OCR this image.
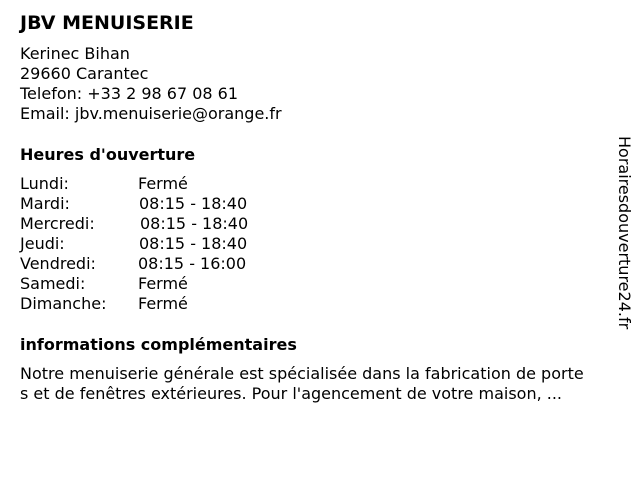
JBV MENUISERIE
Kerinec Bihan
29660 Carantec
Telefon: +33 2 98 67 08 61
Email: jbv.menuiserie@orange.fr
Heures d'ouverture
Lundi:	Fermé
Mardi:	08:15 - 18:40
Mercredi:	08:15 - 18:40
Jeudi:	08:15 - 18:40
Vendredi:	08:15 - 16:00
Samedi:	Fermé
Dimanche: Fermé
informations complémentaires
Notre menuiserie générale est spécialisée dans la fabrication de porte
s et de fenêtres extérieures. Pour l'agencement de votre maison, ...
Horairesdouverture24.fr
